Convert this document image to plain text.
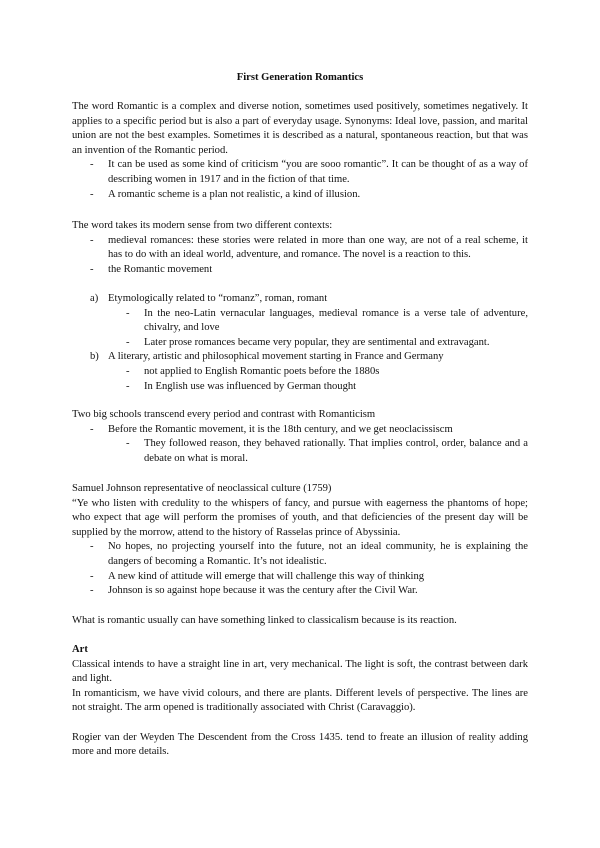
First Generation Romantics

The word Romantic is a complex and diverse notion, sometimes used positively, sometimes negatively. It applies to a specific period but is also a part of everyday usage. Synonyms: Ideal love, passion, and marital union are not the best examples. Sometimes it is described as a natural, spontaneous reaction, but that was an invention of the Romantic period.

- It can be used as some kind of criticism “you are sooo romantic”. It can be thought of as a way of describing women in 1917 and in the fiction of that time.
- A romantic scheme is a plan not realistic, a kind of illusion.

The word takes its modern sense from two different contexts:

- medieval romances: these stories were related in more than one way, are not of a real scheme, it has to do with an ideal world, adventure, and romance. The novel is a reaction to this.
- the Romantic movement
a) Etymologically related to “romanz”, roman, romant
- In the neo-Latin vernacular languages, medieval romance is a verse tale of adventure, chivalry, and love
- Later prose romances became very popular, they are sentimental and extravagant.
b) A literary, artistic and philosophical movement starting in France and Germany
- not applied to English Romantic poets before the 1880s
- In English use was influenced by German thought

Two big schools transcend every period and contrast with Romanticism

- Before the Romantic movement, it is the 18th century, and we get neoclacissiscm
- They followed reason, they behaved rationally. That implies control, order, balance and a debate on what is moral.

Samuel Johnson representative of neoclassical culture (1759)

“Ye who listen with credulity to the whispers of fancy, and pursue with eagerness the phantoms of hope; who expect that age will perform the promises of youth, and that deficiencies of the present day will be supplied by the morrow, attend to the history of Rasselas prince of Abyssinia.

- No hopes, no projecting yourself into the future, not an ideal community, he is explaining the dangers of becoming a Romantic. It’s not idealistic.
- A new kind of attitude will emerge that will challenge this way of thinking
- Johnson is so against hope because it was the century after the Civil War.

What is romantic usually can have something linked to classicalism because is its reaction.

Art

Classical intends to have a straight line in art, very mechanical. The light is soft, the contrast between dark and light.

In romanticism, we have vivid colours, and there are plants. Different levels of perspective. The lines are not straight. The arm opened is traditionally associated with Christ (Caravaggio).

Rogier van der Weyden The Descendent from the Cross 1435. tend to freate an illusion of reality adding more and more details.
